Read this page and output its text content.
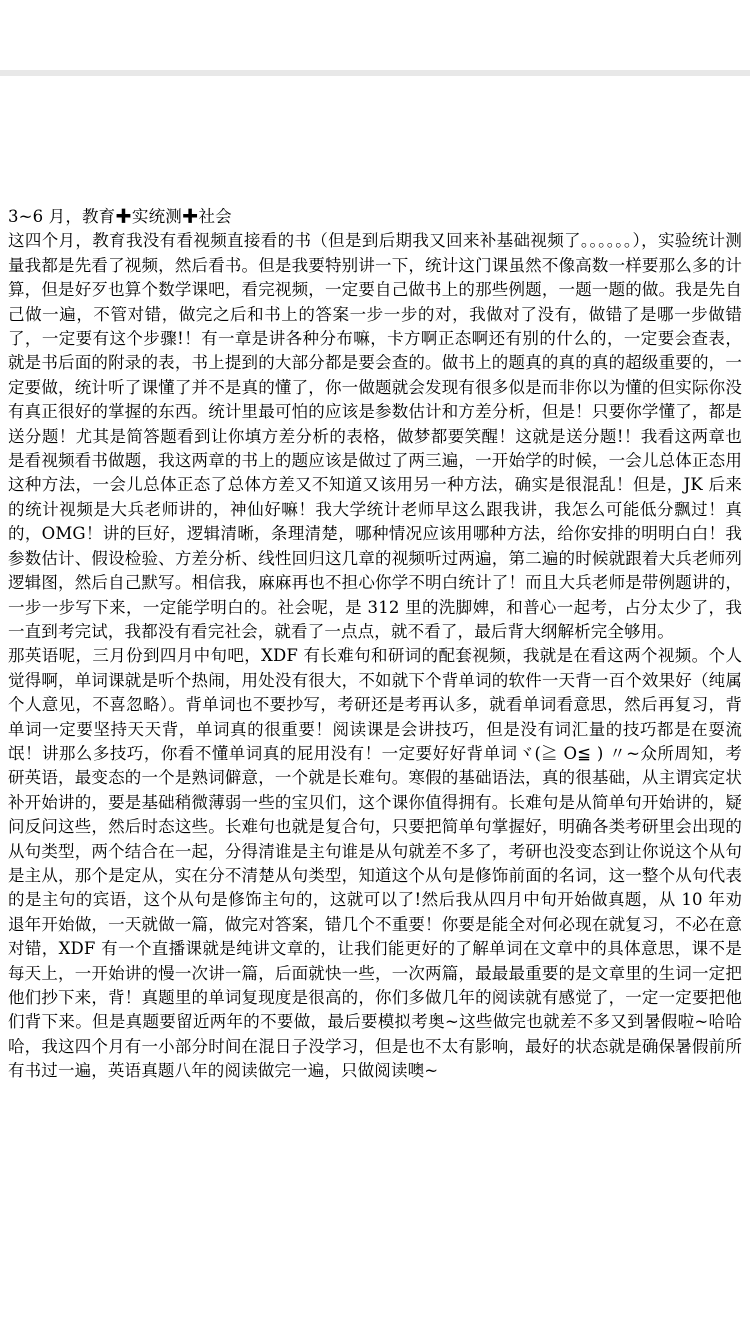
3~6 月，教育✚实统测✚社会

这四个月，教育我没有看视频直接看的书（但是到后期我又回来补基础视频了。。。。。。），实验统计测量我都是先看了视频，然后看书。但是我要特别讲一下，统计这门课虽然不像高数一样要那么多的计算，但是好歹也算个数学课吧，看完视频，一定要自己做书上的那些例题，一题一题的做。我是先自己做一遍，不管对错，做完之后和书上的答案一步一步的对，我做对了没有，做错了是哪一步做错了，一定要有这个步骤!！有一章是讲各种分布嘛，卡方啊正态啊还有别的什么的，一定要会查表，就是书后面的附录的表，书上提到的大部分都是要会查的。做书上的题真的真的真的超级重要的，一定要做，统计听了课懂了并不是真的懂了，你一做题就会发现有很多似是而非你以为懂的但实际你没有真正很好的掌握的东西。统计里最可怕的应该是参数估计和方差分析，但是！只要你学懂了，都是送分题！尤其是简答题看到让你填方差分析的表格，做梦都要笑醒！这就是送分题!！我看这两章也是看视频看书做题，我这两章的书上的题应该是做过了两三遍，一开始学的时候，一会儿总体正态用这种方法，一会儿总体正态了总体方差又不知道又该用另一种方法，确实是很混乱！但是，JK 后来的统计视频是大兵老师讲的，神仙好嘛！我大学统计老师早这么跟我讲，我怎么可能低分飘过！真的，OMG！讲的巨好，逻辑清晰，条理清楚，哪种情况应该用哪种方法，给你安排的明明白白！我参数估计、假设检验、方差分析、线性回归这几章的视频听过两遍，第二遍的时候就跟着大兵老师列逻辑图，然后自己默写。相信我，麻麻再也不担心你学不明白统计了！而且大兵老师是带例题讲的，一步一步写下来，一定能学明白的。社会呢，是 312 里的洗脚婢，和普心一起考，占分太少了，我一直到考完试，我都没有看完社会，就看了一点点，就不看了，最后背大纲解析完全够用。

那英语呢，三月份到四月中旬吧，XDF 有长难句和研词的配套视频，我就是在看这两个视频。个人觉得啊，单词课就是听个热闹，用处没有很大，不如就下个背单词的软件一天背一百个效果好（纯属个人意见，不喜忽略）。背单词也不要抄写，考研还是考再认多，就看单词看意思，然后再复习，背单词一定要坚持天天背，单词真的很重要！阅读课是会讲技巧，但是没有词汇量的技巧都是在耍流氓！讲那么多技巧，你看不懂单词真的屁用没有！一定要好好背单词ヾ(≧ O≦ ) 〃~众所周知，考研英语，最变态的一个是熟词僻意，一个就是长难句。寒假的基础语法，真的很基础，从主谓宾定状补开始讲的，要是基础稍微薄弱一些的宝贝们，这个课你值得拥有。长难句是从简单句开始讲的，疑问反问这些，然后时态这些。长难句也就是复合句，只要把简单句掌握好，明确各类考研里会出现的从句类型，两个结合在一起，分得清谁是主句谁是从句就差不多了，考研也没变态到让你说这个从句是主从，那个是定从，实在分不清楚从句类型，知道这个从句是修饰前面的名词，这一整个从句代表的是主句的宾语，这个从句是修饰主句的，这就可以了!然后我从四月中旬开始做真题，从 10 年劝退年开始做，一天就做一篇，做完对答案，错几个不重要！你要是能全对何必现在就复习，不必在意对错，XDF 有一个直播课就是纯讲文章的，让我们能更好的了解单词在文章中的具体意思，课不是每天上，一开始讲的慢一次讲一篇，后面就快一些，一次两篇，最最最重要的是文章里的生词一定把他们抄下来，背！真题里的单词复现度是很高的，你们多做几年的阅读就有感觉了，一定一定要把他们背下来。但是真题要留近两年的不要做，最后要模拟考奥~这些做完也就差不多又到暑假啦~哈哈哈，我这四个月有一小部分时间在混日子没学习，但是也不太有影响，最好的状态就是确保暑假前所有书过一遍，英语真题八年的阅读做完一遍，只做阅读噢~
